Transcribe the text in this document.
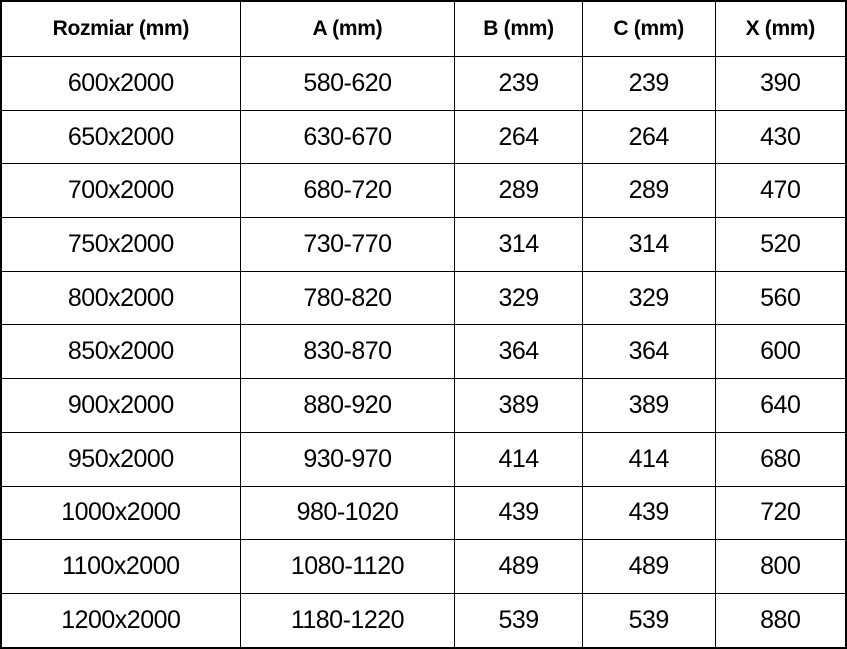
Rozmiar (mm)	A (mm)	B (mm)	C (mm)	X (mm)
600x2000	580-620	239	239	390
650x2000	630-670	264	264	430
700x2000	680-720	289	289	470
750x2000	730-770	314	314	520
800x2000	780-820	329	329	560
850x2000	830-870	364	364	600
900x2000	880-920	389	389	640
950x2000	930-970	414	414	680
1000x2000	980-1020	439	439	720
1100x2000	1080-1120	489	489	800
1200x2000	1180-1220	539	539	880
